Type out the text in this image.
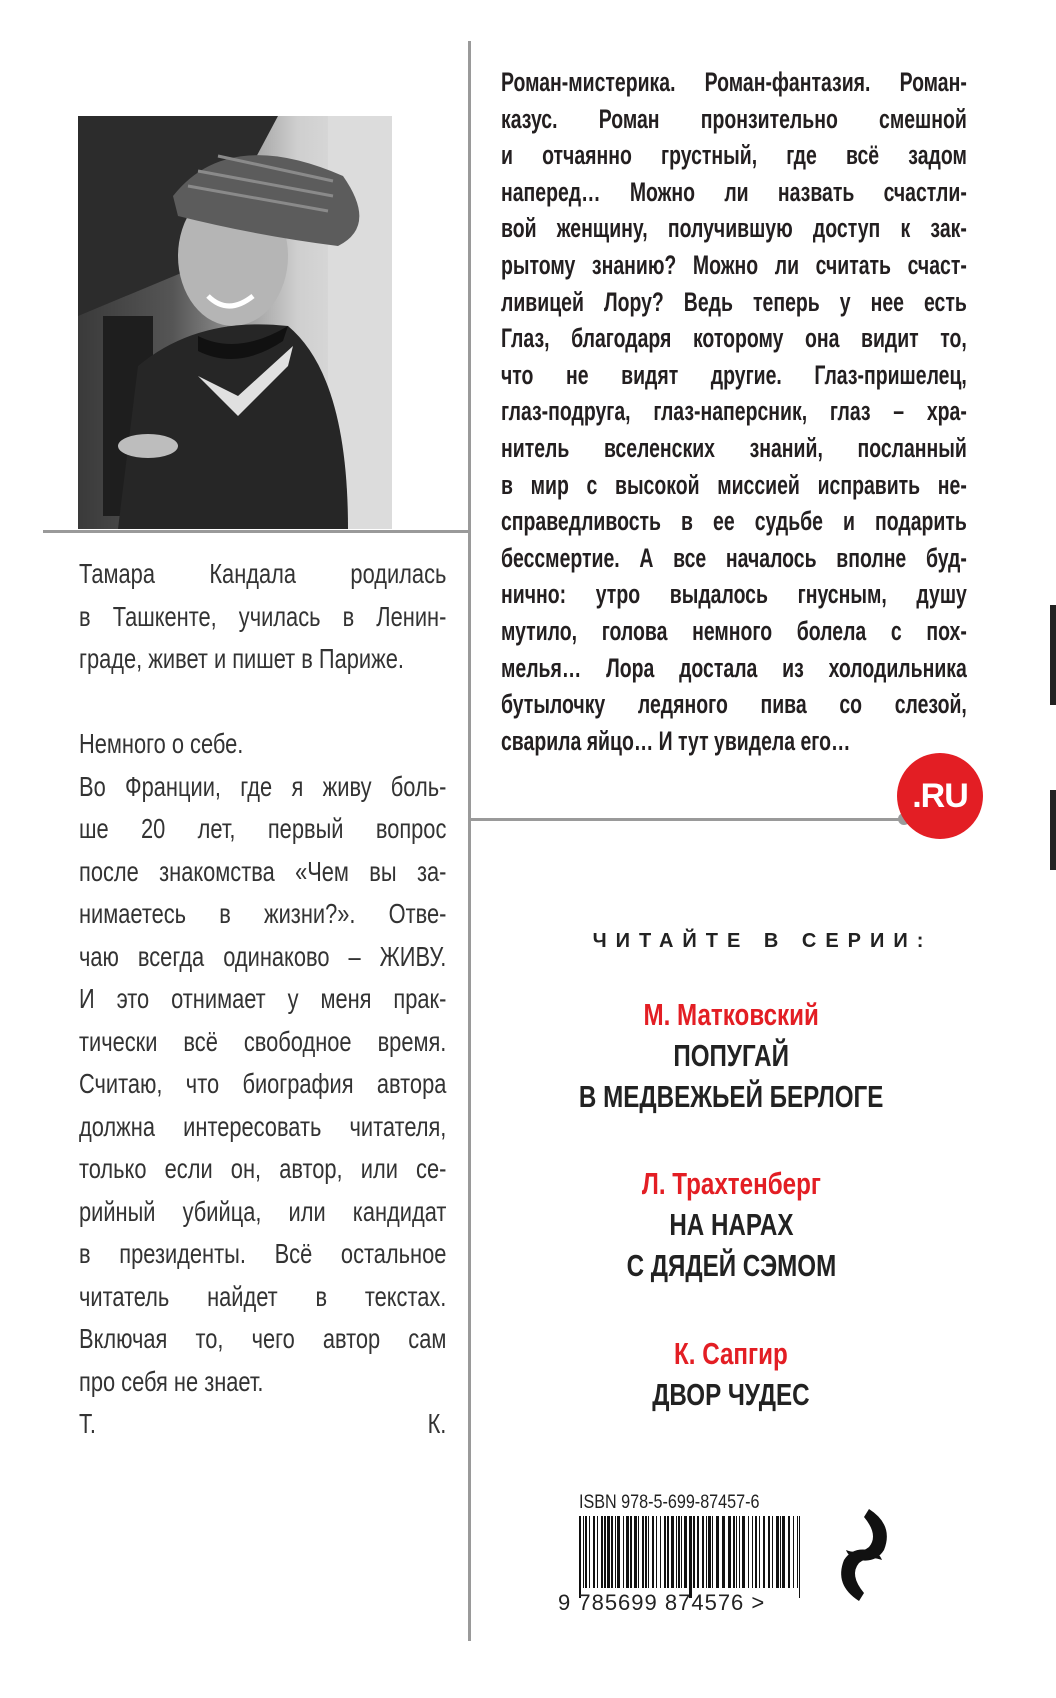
Роман-мистерика. Роман-фантазия. Роман-
казус. Роман пронзительно смешной
и отчаянно грустный, где всё задом
наперед… Можно ли назвать счастли-
вой женщину, получившую доступ к зак-
рытому знанию? Можно ли считать счаст-
ливицей Лору? Ведь теперь у нее есть
Глаз, благодаря которому она видит то,
что не видят другие. Глаз-пришелец,
глаз-подруга, глаз-наперсник, глаз – хра-
нитель вселенских знаний, посланный
в мир с высокой миссией исправить не-
справедливость в ее судьбе и подарить
бессмертие. А все началось вполне буд-
нично: утро выдалось гнусным, душу
мутило, голова немного болела с пох-
мелья… Лора достала из холодильника
бутылочку ледяного пива со слезой,
сварила яйцо… И тут увидела его…
Тамара Кандала родилась
в Ташкенте, училась в Ленин-
граде, живет и пишет в Париже.
Немного о себе.
Во Франции, где я живу боль-
ше 20 лет, первый вопрос
после знакомства «Чем вы за-
нимаетесь в жизни?». Отве-
чаю всегда одинаково – ЖИВУ.
И это отнимает у меня прак-
тически всё свободное время.
Считаю, что биография автора
должна интересовать читателя,
только если он, автор, или се-
рийный убийца, или кандидат
в президенты. Всё остальное
читатель найдет в текстах.
Включая то, чего автор сам
про себя не знает.
Т. К.
.RU
ЧИТАЙТЕ В СЕРИИ:
М. Матковский
ПОПУГАЙ
В МЕДВЕЖЬЕЙ БЕРЛОГЕ
Л. Трахтенберг
НА НАРАХ
С ДЯДЕЙ СЭМОМ
К. Сапгир
ДВОР ЧУДЕС
ISBN 978-5-699-87457-6
9 785699 874576 >
